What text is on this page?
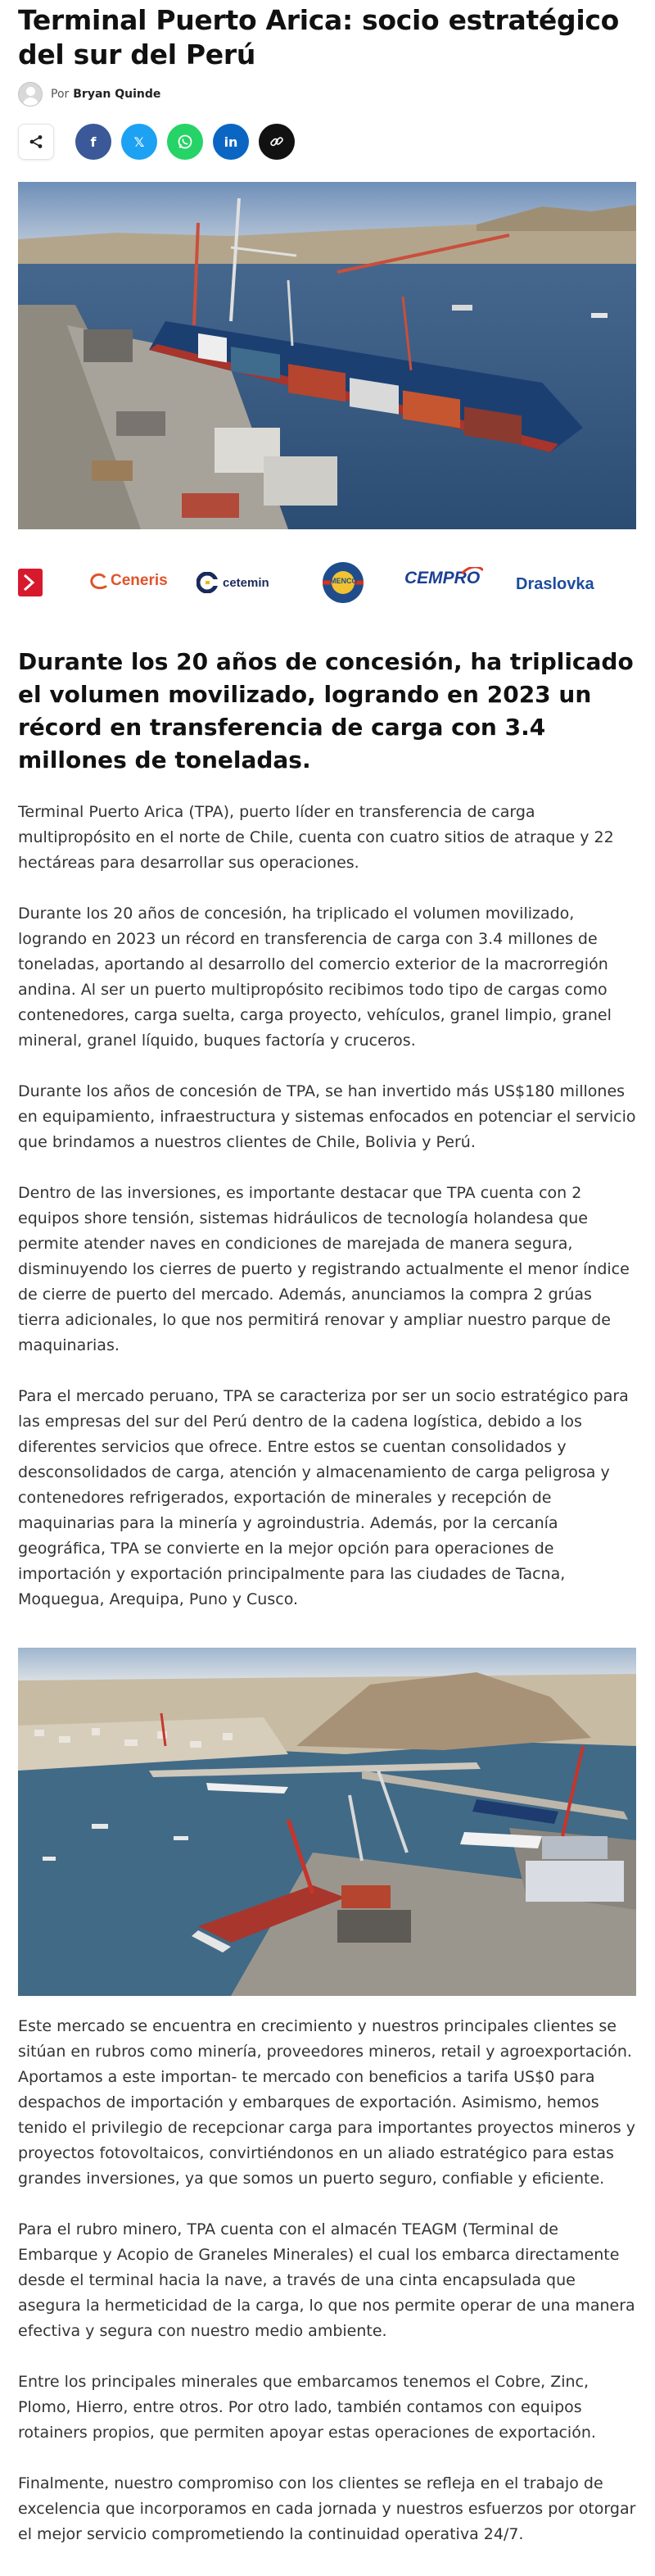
Terminal Puerto Arica: socio estratégico del sur del Perú
Por Bryan Quinde
f	𝕏	in
Ceneris	cetemin	MENCO	CEMPRO Draslovka
Durante los 20 años de concesión, ha triplicado el volumen movilizado, logrando en 2023 un récord en transferencia de carga con 3.4 millones de toneladas.

Terminal Puerto Arica (TPA), puerto líder en transferencia de carga multipropósito en el norte de Chile, cuenta con cuatro sitios de atraque y 22 hectáreas para desarrollar sus operaciones.

Durante los 20 años de concesión, ha triplicado el volumen movilizado, logrando en 2023 un récord en transferencia de carga con 3.4 millones de toneladas, aportando al desarrollo del comercio exterior de la macrorregión andina. Al ser un puerto multipropósito recibimos todo tipo de cargas como contenedores, carga suelta, carga proyecto, vehículos, granel limpio, granel mineral, granel líquido, buques factoría y cruceros.

Durante los años de concesión de TPA, se han invertido más US$180 millones en equipamiento, infraestructura y sistemas enfocados en potenciar el servicio que brindamos a nuestros clientes de Chile, Bolivia y Perú.

Dentro de las inversiones, es importante destacar que TPA cuenta con 2 equipos shore tensión, sistemas hidráulicos de tecnología holandesa que permite atender naves en condiciones de marejada de manera segura, disminuyendo los cierres de puerto y registrando actualmente el menor índice de cierre de puerto del mercado. Además, anunciamos la compra 2 grúas tierra adicionales, lo que nos permitirá renovar y ampliar nuestro parque de maquinarias.

Para el mercado peruano, TPA se caracteriza por ser un socio estratégico para las empresas del sur del Perú dentro de la cadena logística, debido a los diferentes servicios que ofrece. Entre estos se cuentan consolidados y desconsolidados de carga, atención y almacenamiento de carga peligrosa y contenedores refrigerados, exportación de minerales y recepción de maquinarias para la minería y agroindustria. Además, por la cercanía geográfica, TPA se convierte en la mejor opción para operaciones de importación y exportación principalmente para las ciudades de Tacna, Moquegua, Arequipa, Puno y Cusco.

Este mercado se encuentra en crecimiento y nuestros principales clientes se sitúan en rubros como minería, proveedores mineros, retail y agroexportación. Aportamos a este importan- te mercado con beneficios a tarifa US$0 para despachos de importación y embarques de exportación. Asimismo, hemos tenido el privilegio de recepcionar carga para importantes proyectos mineros y proyectos fotovoltaicos, convirtiéndonos en un aliado estratégico para estas grandes inversiones, ya que somos un puerto seguro, confiable y eficiente.

Para el rubro minero, TPA cuenta con el almacén TEAGM (Terminal de Embarque y Acopio de Graneles Minerales) el cual los embarca directamente desde el terminal hacia la nave, a través de una cinta encapsulada que asegura la hermeticidad de la carga, lo que nos permite operar de una manera efectiva y segura con nuestro medio ambiente.

Entre los principales minerales que embarcamos tenemos el Cobre, Zinc, Plomo, Hierro, entre otros. Por otro lado, también contamos con equipos rotainers propios, que permiten apoyar estas operaciones de exportación.

Finalmente, nuestro compromiso con los clientes se refleja en el trabajo de excelencia que incorporamos en cada jornada y nuestros esfuerzos por otorgar el mejor servicio comprometiendo la continuidad operativa 24/7.
